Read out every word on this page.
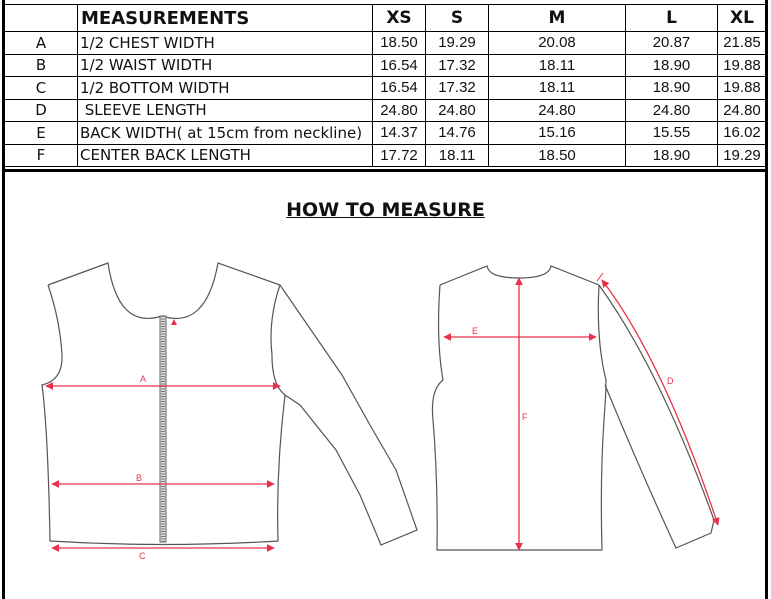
	MEASUREMENTS	XS	S	M	L	XL
A	1/2 CHEST WIDTH	18.50	19.29	20.08	20.87	21.85
B	1/2 WAIST WIDTH	16.54	17.32	18.11	18.90	19.88
C	1/2 BOTTOM WIDTH	16.54	17.32	18.11	18.90	19.88
D	SLEEVE LENGTH	24.80	24.80	24.80	24.80	24.80
E	BACK WIDTH( at 15cm from neckline)	14.37	14.76	15.16	15.55	16.02
F	CENTER BACK LENGTH	17.72	18.11	18.50	18.90	19.29
HOW TO MEASURE
A
B
C
E
F
D
